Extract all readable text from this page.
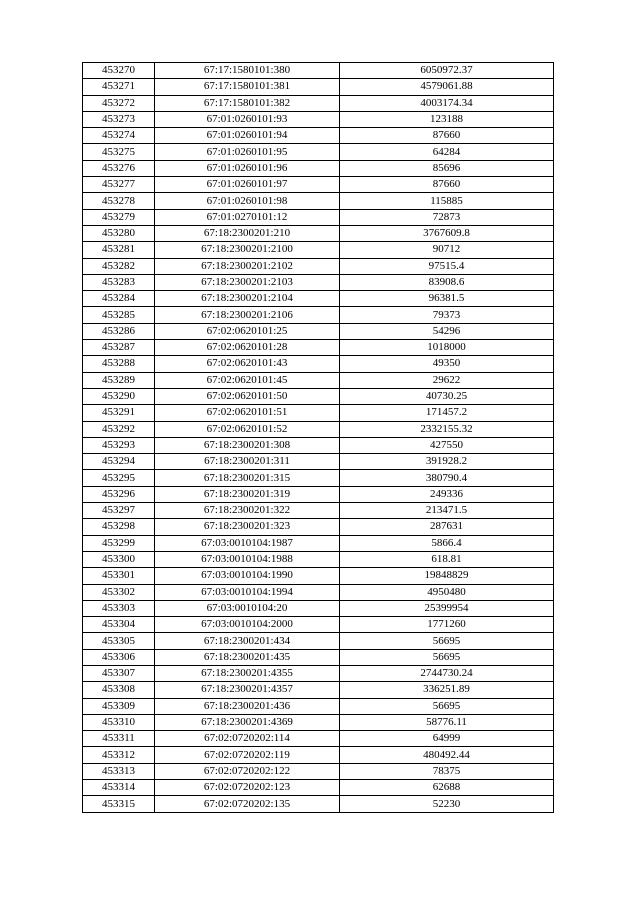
453270	67:17:1580101:380	6050972.37
453271	67:17:1580101:381	4579061.88
453272	67:17:1580101:382	4003174.34
453273	67:01:0260101:93	123188
453274	67:01:0260101:94	87660
453275	67:01:0260101:95	64284
453276	67:01:0260101:96	85696
453277	67:01:0260101:97	87660
453278	67:01:0260101:98	115885
453279	67:01:0270101:12	72873
453280	67:18:2300201:210	3767609.8
453281	67:18:2300201:2100	90712
453282	67:18:2300201:2102	97515.4
453283	67:18:2300201:2103	83908.6
453284	67:18:2300201:2104	96381.5
453285	67:18:2300201:2106	79373
453286	67:02:0620101:25	54296
453287	67:02:0620101:28	1018000
453288	67:02:0620101:43	49350
453289	67:02:0620101:45	29622
453290	67:02:0620101:50	40730.25
453291	67:02:0620101:51	171457.2
453292	67:02:0620101:52	2332155.32
453293	67:18:2300201:308	427550
453294	67:18:2300201:311	391928.2
453295	67:18:2300201:315	380790.4
453296	67:18:2300201:319	249336
453297	67:18:2300201:322	213471.5
453298	67:18:2300201:323	287631
453299	67:03:0010104:1987	5866.4
453300	67:03:0010104:1988	618.81
453301	67:03:0010104:1990	19848829
453302	67:03:0010104:1994	4950480
453303	67:03:0010104:20	25399954
453304	67:03:0010104:2000	1771260
453305	67:18:2300201:434	56695
453306	67:18:2300201:435	56695
453307	67:18:2300201:4355	2744730.24
453308	67:18:2300201:4357	336251.89
453309	67:18:2300201:436	56695
453310	67:18:2300201:4369	58776.11
453311	67:02:0720202:114	64999
453312	67:02:0720202:119	480492.44
453313	67:02:0720202:122	78375
453314	67:02:0720202:123	62688
453315	67:02:0720202:135	52230
